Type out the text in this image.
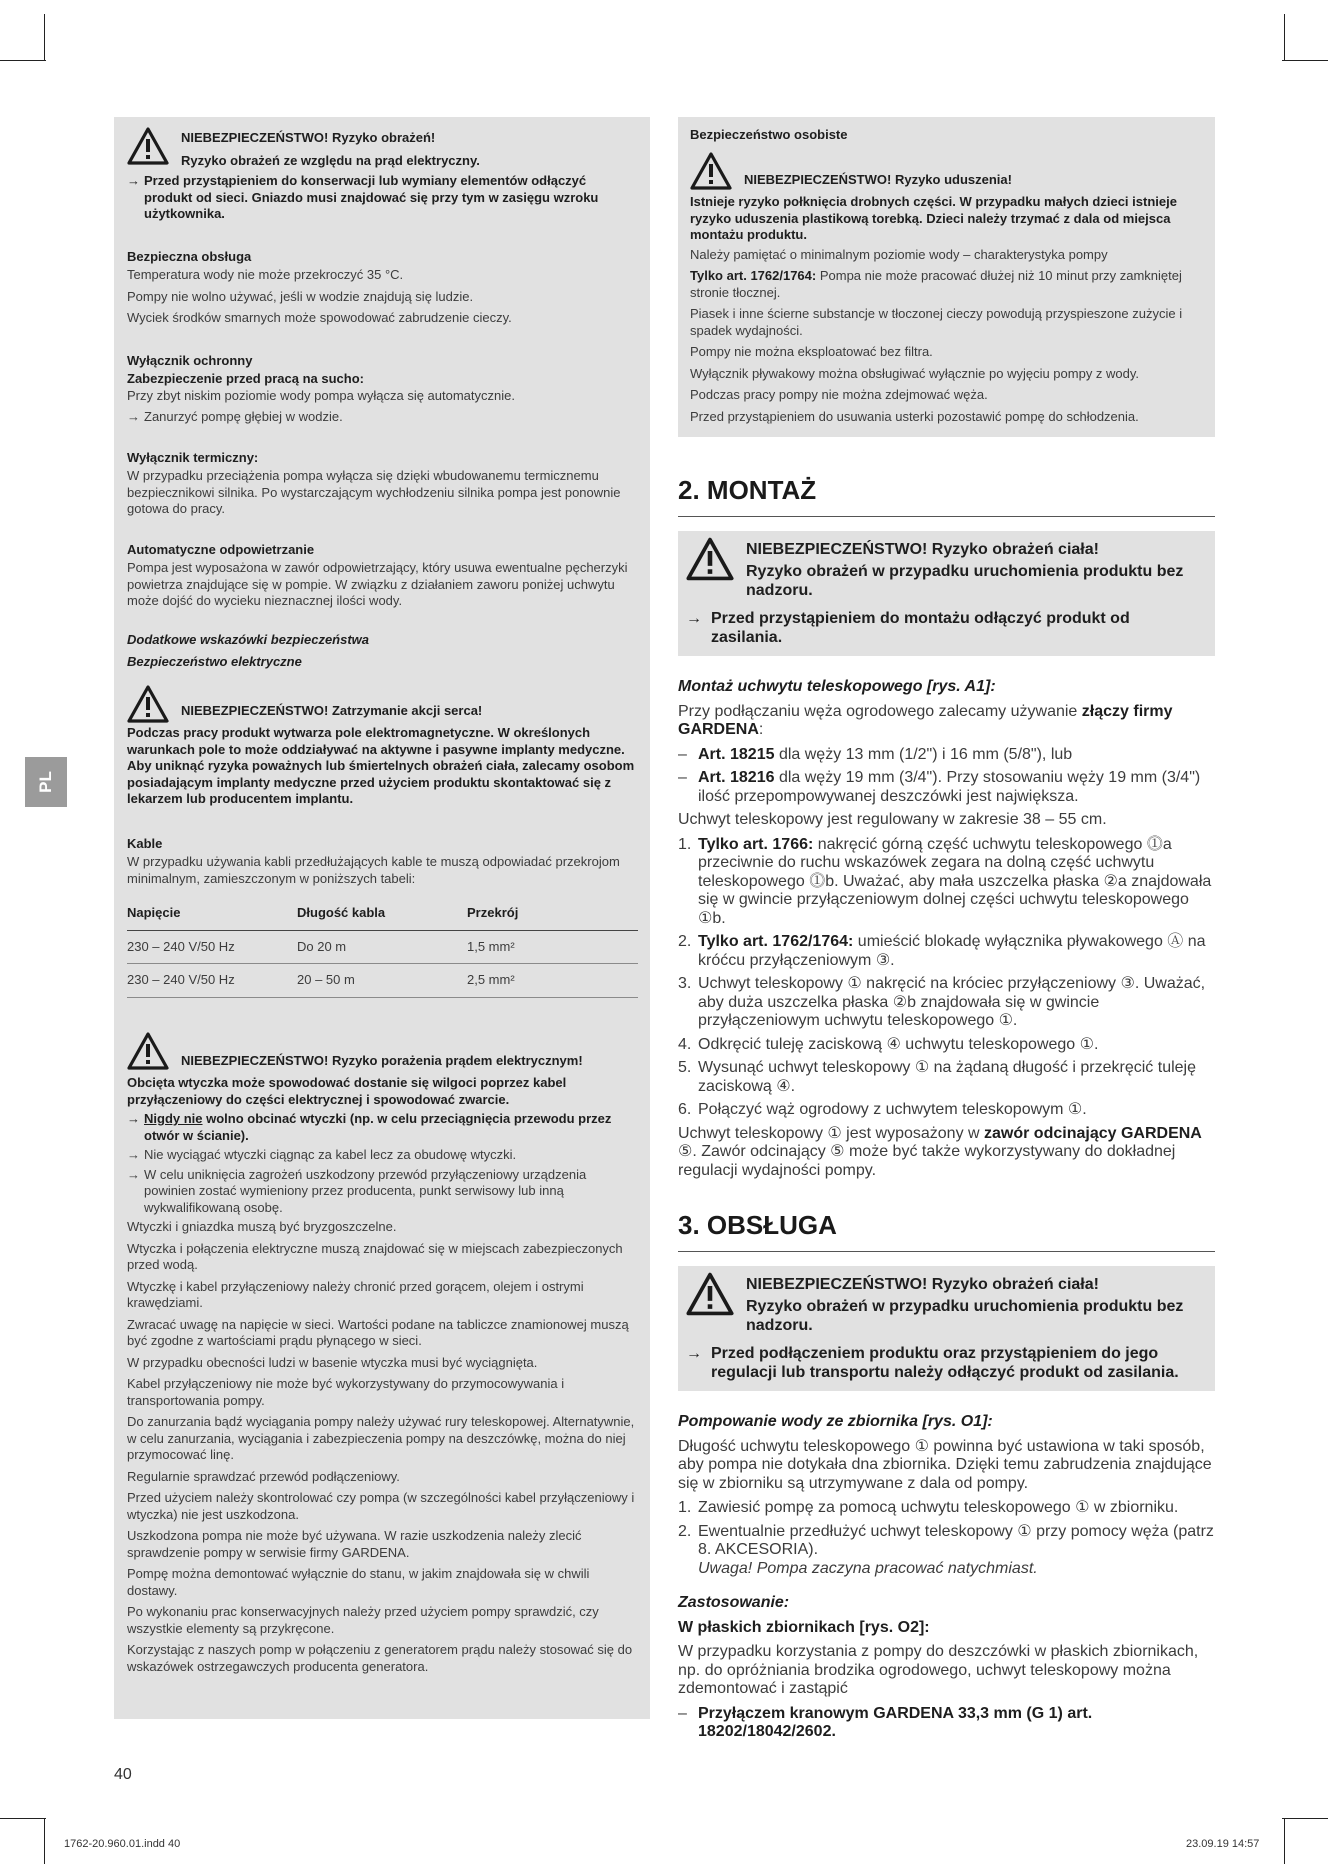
PL

NIEBEZPIECZEŃSTWO! Ryzyko obrażeń!

Ryzyko obrażeń ze względu na prąd elektryczny.

→ Przed przystąpieniem do konserwacji lub wymiany elementów odłączyć produkt od sieci. Gniazdo musi znajdować się przy tym w zasięgu wzroku użytkownika.

Bezpieczna obsługa

Temperatura wody nie może przekroczyć 35 °C.

Pompy nie wolno używać, jeśli w wodzie znajdują się ludzie.

Wyciek środków smarnych może spowodować zabrudzenie cieczy.

Wyłącznik ochronny

Zabezpieczenie przed pracą na sucho:

Przy zbyt niskim poziomie wody pompa wyłącza się automatycznie.

→ Zanurzyć pompę głębiej w wodzie.

Wyłącznik termiczny:

W przypadku przeciążenia pompa wyłącza się dzięki wbudowanemu termicznemu bezpiecznikowi silnika. Po wystarczającym wychłodzeniu silnika pompa jest ponownie gotowa do pracy.

Automatyczne odpowietrzanie

Pompa jest wyposażona w zawór odpowietrzający, który usuwa ewentualne pęcherzyki powietrza znajdujące się w pompie. W związku z działaniem zaworu poniżej uchwytu może dojść do wycieku nieznacznej ilości wody.

Dodatkowe wskazówki bezpieczeństwa

Bezpieczeństwo elektryczne

NIEBEZPIECZEŃSTWO! Zatrzymanie akcji serca!

Podczas pracy produkt wytwarza pole elektromagnetyczne. W określonych warunkach pole to może oddziaływać na aktywne i pasywne implanty medyczne. Aby uniknąć ryzyka poważnych lub śmiertelnych obrażeń ciała, zalecamy osobom posiadającym implanty medyczne przed użyciem produktu skontaktować się z lekarzem lub producentem implantu.

Kable

W przypadku używania kabli przedłużających kable te muszą odpowiadać przekrojom minimalnym, zamieszczonym w poniższych tabeli:

Napięcie	Długość kabla	Przekrój
230 – 240 V/50 Hz	Do 20 m	1,5 mm²
230 – 240 V/50 Hz	20 – 50 m	2,5 mm²

NIEBEZPIECZEŃSTWO! Ryzyko porażenia prądem elektrycznym!

Obcięta wtyczka może spowodować dostanie się wilgoci poprzez kabel przyłączeniowy do części elektrycznej i spowodować zwarcie.

→ Nigdy nie wolno obcinać wtyczki (np. w celu przeciągnięcia przewodu przez otwór w ścianie).
→ Nie wyciągać wtyczki ciągnąc za kabel lecz za obudowę wtyczki.
→ W celu uniknięcia zagrożeń uszkodzony przewód przyłączeniowy urządzenia powinien zostać wymieniony przez producenta, punkt serwisowy lub inną wykwalifikowaną osobę.

Wtyczki i gniazdka muszą być bryzgoszczelne.

Wtyczka i połączenia elektryczne muszą znajdować się w miejscach zabezpieczonych przed wodą.

Wtyczkę i kabel przyłączeniowy należy chronić przed gorącem, olejem i ostrymi krawędziami.

Zwracać uwagę na napięcie w sieci. Wartości podane na tabliczce znamionowej muszą być zgodne z wartościami prądu płynącego w sieci.

W przypadku obecności ludzi w basenie wtyczka musi być wyciągnięta.

Kabel przyłączeniowy nie może być wykorzystywany do przymocowywania i transportowania pompy.

Do zanurzania bądź wyciągania pompy należy używać rury teleskopowej. Alternatywnie, w celu zanurzania, wyciągania i zabezpieczenia pompy na deszczówkę, można do niej przymocować linę.

Regularnie sprawdzać przewód podłączeniowy.

Przed użyciem należy skontrolować czy pompa (w szczególności kabel przyłączeniowy i wtyczka) nie jest uszkodzona.

Uszkodzona pompa nie może być używana. W razie uszkodzenia należy zlecić sprawdzenie pompy w serwisie firmy GARDENA.

Pompę można demontować wyłącznie do stanu, w jakim znajdowała się w chwili dostawy.

Po wykonaniu prac konserwacyjnych należy przed użyciem pompy sprawdzić, czy wszystkie elementy są przykręcone.

Korzystając z naszych pomp w połączeniu z generatorem prądu należy stosować się do wskazówek ostrzegawczych producenta generatora.

Bezpieczeństwo osobiste

NIEBEZPIECZEŃSTWO! Ryzyko uduszenia!

Istnieje ryzyko połknięcia drobnych części. W przypadku małych dzieci istnieje ryzyko uduszenia plastikową torebką. Dzieci należy trzymać z dala od miejsca montażu produktu.

Należy pamiętać o minimalnym poziomie wody – charakterystyka pompy

Tylko art. 1762/1764: Pompa nie może pracować dłużej niż 10 minut przy zamkniętej stronie tłocznej.

Piasek i inne ścierne substancje w tłoczonej cieczy powodują przyspieszone zużycie i spadek wydajności.

Pompy nie można eksploatować bez filtra.

Wyłącznik pływakowy można obsługiwać wyłącznie po wyjęciu pompy z wody.

Podczas pracy pompy nie można zdejmować węża.

Przed przystąpieniem do usuwania usterki pozostawić pompę do schłodzenia.

2. MONTAŻ

NIEBEZPIECZEŃSTWO! Ryzyko obrażeń ciała!

Ryzyko obrażeń w przypadku uruchomienia produktu bez nadzoru.

→ Przed przystąpieniem do montażu odłączyć produkt od zasilania.

Montaż uchwytu teleskopowego [rys. A1]:

Przy podłączaniu węża ogrodowego zalecamy używanie złączy firmy GARDENA:

– Art. 18215 dla węży 13 mm (1/2") i 16 mm (5/8"), lub
– Art. 18216 dla węży 19 mm (3/4"). Przy stosowaniu węży 19 mm (3/4") ilość przepompowywanej deszczówki jest największa.

Uchwyt teleskopowy jest regulowany w zakresie 38 – 55 cm.

1. Tylko art. 1766: nakręcić górną część uchwytu teleskopowego ⓵a przeciwnie do ruchu wskazówek zegara na dolną część uchwytu teleskopowego ⓵b. Uważać, aby mała uszczelka płaska ②a znajdowała się w gwincie przyłączeniowym dolnej części uchwytu teleskopowego ①b.
2. Tylko art. 1762/1764: umieścić blokadę wyłącznika pływakowego Ⓐ na króćcu przyłączeniowym ③.
3. Uchwyt teleskopowy ① nakręcić na króciec przyłączeniowy ③. Uważać, aby duża uszczelka płaska ②b znajdowała się w gwincie przyłączeniowym uchwytu teleskopowego ①.
4. Odkręcić tuleję zaciskową ④ uchwytu teleskopowego ①.
5. Wysunąć uchwyt teleskopowy ① na żądaną długość i przekręcić tuleję zaciskową ④.
6. Połączyć wąż ogrodowy z uchwytem teleskopowym ①.

Uchwyt teleskopowy ① jest wyposażony w zawór odcinający GARDENA ⑤. Zawór odcinający ⑤ może być także wykorzystywany do dokładnej regulacji wydajności pompy.

3. OBSŁUGA

NIEBEZPIECZEŃSTWO! Ryzyko obrażeń ciała!

Ryzyko obrażeń w przypadku uruchomienia produktu bez nadzoru.

→ Przed podłączeniem produktu oraz przystąpieniem do jego regulacji lub transportu należy odłączyć produkt od zasilania.

Pompowanie wody ze zbiornika [rys. O1]:

Długość uchwytu teleskopowego ① powinna być ustawiona w taki sposób, aby pompa nie dotykała dna zbiornika. Dzięki temu zabrudzenia znajdujące się w zbiorniku są utrzymywane z dala od pompy.

1. Zawiesić pompę za pomocą uchwytu teleskopowego ① w zbiorniku.
2. Ewentualnie przedłużyć uchwyt teleskopowy ① przy pomocy węża (patrz 8. AKCESORIA).
Uwaga! Pompa zaczyna pracować natychmiast.

Zastosowanie:

W płaskich zbiornikach [rys. O2]:

W przypadku korzystania z pompy do deszczówki w płaskich zbiornikach, np. do opróżniania brodzika ogrodowego, uchwyt teleskopowy można zdemontować i zastąpić

– Przyłączem kranowym GARDENA 33,3 mm (G 1) art. 18202/18042/2602.
40
1762-20.960.01.indd 40	23.09.19 14:57
